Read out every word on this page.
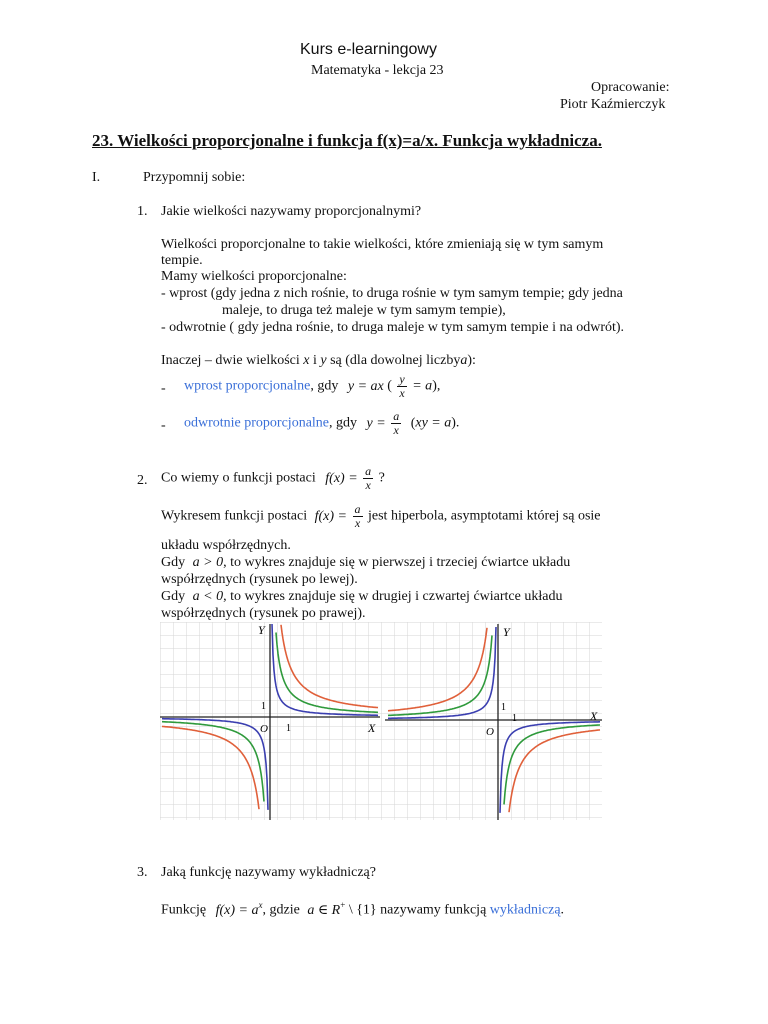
Kurs e-learningowy
Matematyka - lekcja 23
Opracowanie:
Piotr Kaźmierczyk
23. Wielkości proporcjonalne i funkcja f(x)=a/x. Funkcja wykładnicza.
I.	Przypomnij sobie:
1. Jakie wielkości nazywamy proporcjonalnymi?
Wielkości proporcjonalne to takie wielkości, które zmieniają się w tym samym
tempie.
Mamy wielkości proporcjonalne:
- wprost (gdy jedna z nich rośnie, to druga rośnie w tym samym tempie; gdy jedna
maleje, to druga też maleje w tym samym tempie),
- odwrotnie ( gdy jedna rośnie, to druga maleje w tym samym tempie i na odwrót).
Inaczej – dwie wielkości x i y są (dla dowolnej liczbya):
- wprost proporcjonalne, gdy y = ax ( $\frac{y}{x} = a$),
- odwrotnie proporcjonalne, gdy $y = \frac{a}{x} (xy = a)$.
2. Co wiemy o funkcji postaci $f(x) = \frac{a}{x}$ ?
Wykresem funkcji postaci $f(x) = \frac{a}{x}$ jest hiperbola, asymptotami której są osie
układu współrzędnych.
Gdy a > 0, to wykres znajduje się w pierwszej i trzeciej ćwiartce układu
współrzędnych (rysunek po lewej).
Gdy a < 0, to wykres znajduje się w drugiej i czwartej ćwiartce układu
współrzędnych (rysunek po prawej).
Y
X
O 1
1
Y
X
O
1
1
3. Jaką funkcję nazywamy wykładniczą?
Funkcję $f(x) = a^x$, gdzie a ∈ R+ \ {1} nazywamy funkcją wykładniczą.
